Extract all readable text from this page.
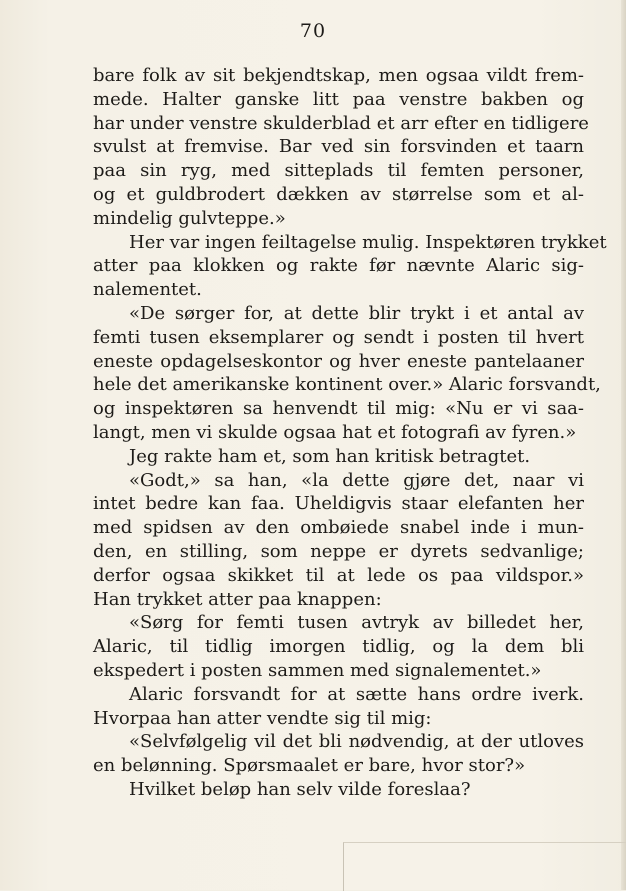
70
bare folk av sit bekjendtskap, men ogsaa vildt frem-
mede. Halter ganske litt paa venstre bakben og
har under venstre skulderblad et arr efter en tidligere
svulst at fremvise. Bar ved sin forsvinden et taarn
paa sin ryg, med sitteplads til femten personer,
og et guldbrodert dækken av størrelse som et al-
mindelig gulvteppe.»
Her var ingen feiltagelse mulig. Inspektøren trykket
atter paa klokken og rakte før nævnte Alaric sig-
nalementet.
«De sørger for, at dette blir trykt i et antal av
femti tusen eksemplarer og sendt i posten til hvert
eneste opdagelseskontor og hver eneste pantelaaner
hele det amerikanske kontinent over.» Alaric forsvandt,
og inspektøren sa henvendt til mig: «Nu er vi saa-
langt, men vi skulde ogsaa hat et fotografi av fyren.»
Jeg rakte ham et, som han kritisk betragtet.
«Godt,» sa han, «la dette gjøre det, naar vi
intet bedre kan faa. Uheldigvis staar elefanten her
med spidsen av den ombøiede snabel inde i mun-
den, en stilling, som neppe er dyrets sedvanlige;
derfor ogsaa skikket til at lede os paa vildspor.»
Han trykket atter paa knappen:
«Sørg for femti tusen avtryk av billedet her,
Alaric, til tidlig imorgen tidlig, og la dem bli
ekspedert i posten sammen med signalementet.»
Alaric forsvandt for at sætte hans ordre iverk.
Hvorpaa han atter vendte sig til mig:
«Selvfølgelig vil det bli nødvendig, at der utloves
en belønning. Spørsmaalet er bare, hvor stor?»
Hvilket beløp han selv vilde foreslaa?
